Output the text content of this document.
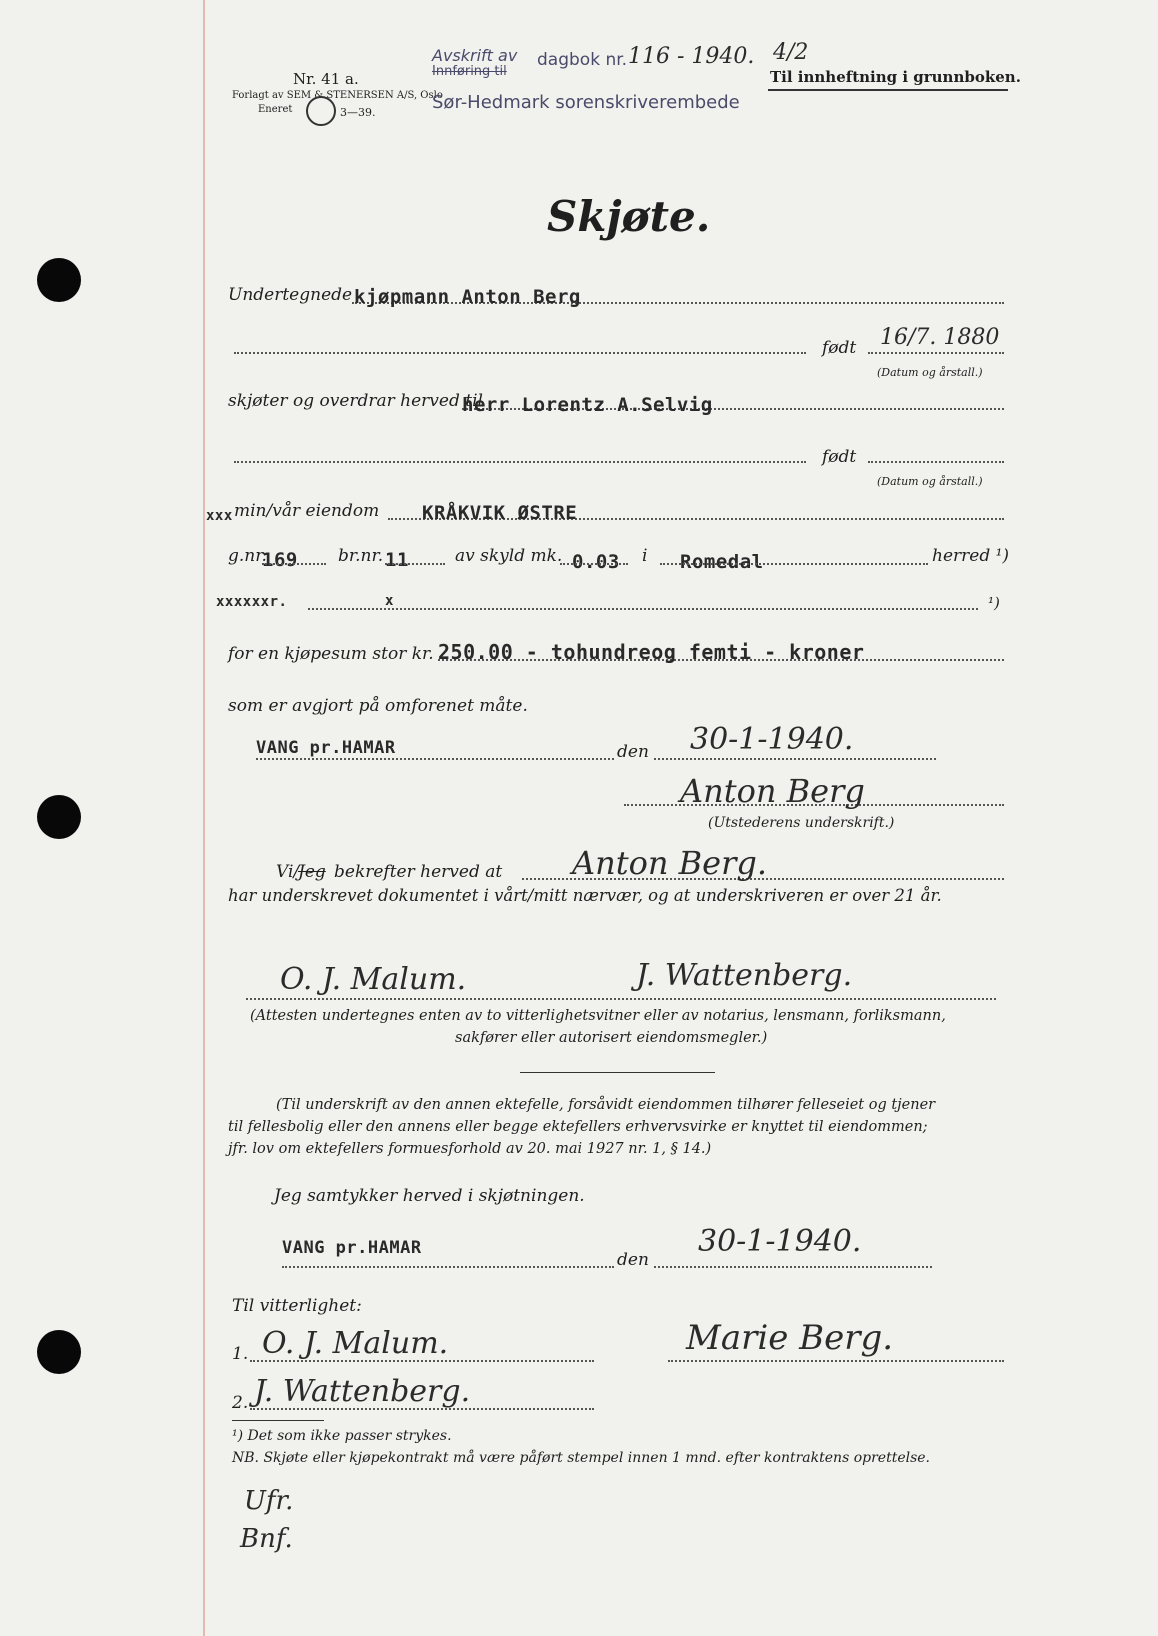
Nr. 41 a.
Forlagt av SEM & STENERSEN A/S, Oslo
Eneret	3—39.
Avskrift av
Innføring til
dagbok nr. 116 - 1940. 4/2
Sør-Hedmark sorenskriverembede
Til innheftning i grunnboken.
Skjøte.
Undertegnede kjøpmann Anton Berg
født 16/7. 1880
(Datum og årstall.)
skjøter og overdrar herved til
herr Lorentz A.Selvig
født
(Datum og årstall.)
xxx min/vår eiendom KRÅKVIK ØSTRE
g.nr.
169 br.nr. 11	av skyld mk. 0.03 i Romedal	herred ¹)
xxxxxxr.	x	¹)
for en kjøpesum stor kr. 250.00 - tohundreog femti - kroner
som er avgjort på omforenet måte.
VANG pr.HAMAR	den 30-1-1940.
Anton Berg
(Utstederens underskrift.)
Vi/
Jeg bekrefter herved at Anton Berg.
har underskrevet dokumentet i vårt/mitt nærvær, og at underskriveren er over 21 år.
O. J. Malum.	J. Wattenberg.
(Attesten undertegnes enten av to vitterlighetsvitner eller av notarius, lensmann, forliksmann,
sakfører eller autorisert eiendomsmegler.)
(Til underskrift av den annen ektefelle, forsåvidt eiendommen tilhører felleseiet og tjener
til fellesbolig eller den annens eller begge ektefellers erhvervsvirke er knyttet til eiendommen;
jfr. lov om ektefellers formuesforhold av 20. mai 1927 nr. 1, § 14.)
Jeg samtykker herved i skjøtningen.
VANG pr.HAMAR
den
30-1-1940.
Til vitterlighet:
1. O. J. Malum.	Marie Berg.
2. J. Wattenberg.
¹) Det som ikke passer strykes.
NB. Skjøte eller kjøpekontrakt må være påført stempel innen 1 mnd. efter kontraktens oprettelse.
Ufr.
Bnf.
